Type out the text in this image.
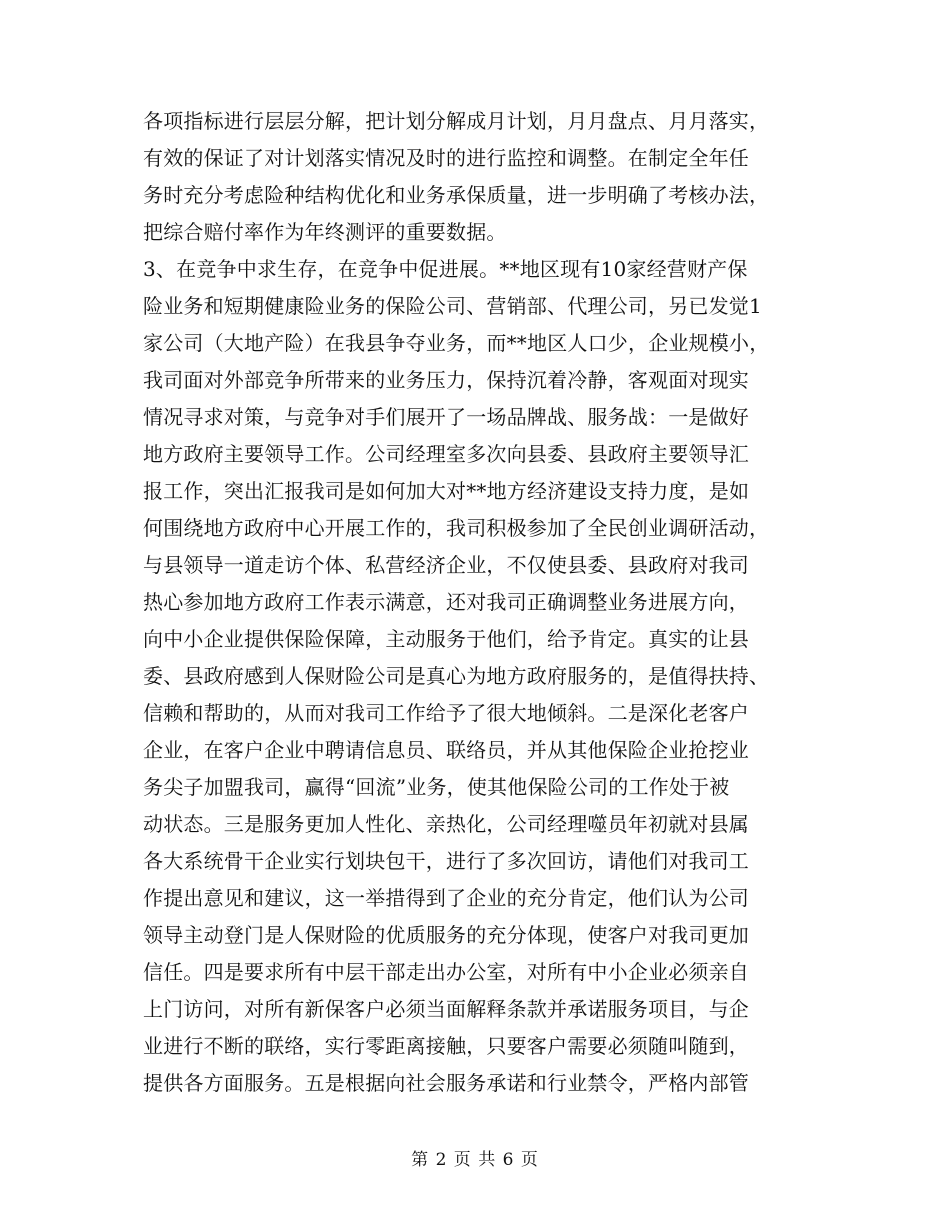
各项指标进行层层分解，把计划分解成月计划，月月盘点、月月落实，
有效的保证了对计划落实情况及时的进行监控和调整。在制定全年任
务时充分考虑险种结构优化和业务承保质量，进一步明确了考核办法，
把综合赔付率作为年终测评的重要数据。
3、在竞争中求生存，在竞争中促进展。**地区现有10家经营财产保
险业务和短期健康险业务的保险公司、营销部、代理公司，另已发觉1
家公司（大地产险）在我县争夺业务，而**地区人口少，企业规模小，
我司面对外部竞争所带来的业务压力，保持沉着冷静，客观面对现实
情况寻求对策，与竞争对手们展开了一场品牌战、服务战：一是做好
地方政府主要领导工作。公司经理室多次向县委、县政府主要领导汇
报工作，突出汇报我司是如何加大对**地方经济建设支持力度，是如
何围绕地方政府中心开展工作的，我司积极参加了全民创业调研活动，
与县领导一道走访个体、私营经济企业，不仅使县委、县政府对我司
热心参加地方政府工作表示满意，还对我司正确调整业务进展方向，
向中小企业提供保险保障，主动服务于他们，给予肯定。真实的让县
委、县政府感到人保财险公司是真心为地方政府服务的，是值得扶持、
信赖和帮助的，从而对我司工作给予了很大地倾斜。二是深化老客户
企业，在客户企业中聘请信息员、联络员，并从其他保险企业抢挖业
务尖子加盟我司，赢得“回流”业务，使其他保险公司的工作处于被
动状态。三是服务更加人性化、亲热化，公司经理噬员年初就对县属
各大系统骨干企业实行划块包干，进行了多次回访，请他们对我司工
作提出意见和建议，这一举措得到了企业的充分肯定，他们认为公司
领导主动登门是人保财险的优质服务的充分体现，使客户对我司更加
信任。四是要求所有中层干部走出办公室，对所有中小企业必须亲自
上门访问，对所有新保客户必须当面解释条款并承诺服务项目，与企
业进行不断的联络，实行零距离接触，只要客户需要必须随叫随到，
提供各方面服务。五是根据向社会服务承诺和行业禁令，严格内部管
第 2 页 共 6 页
